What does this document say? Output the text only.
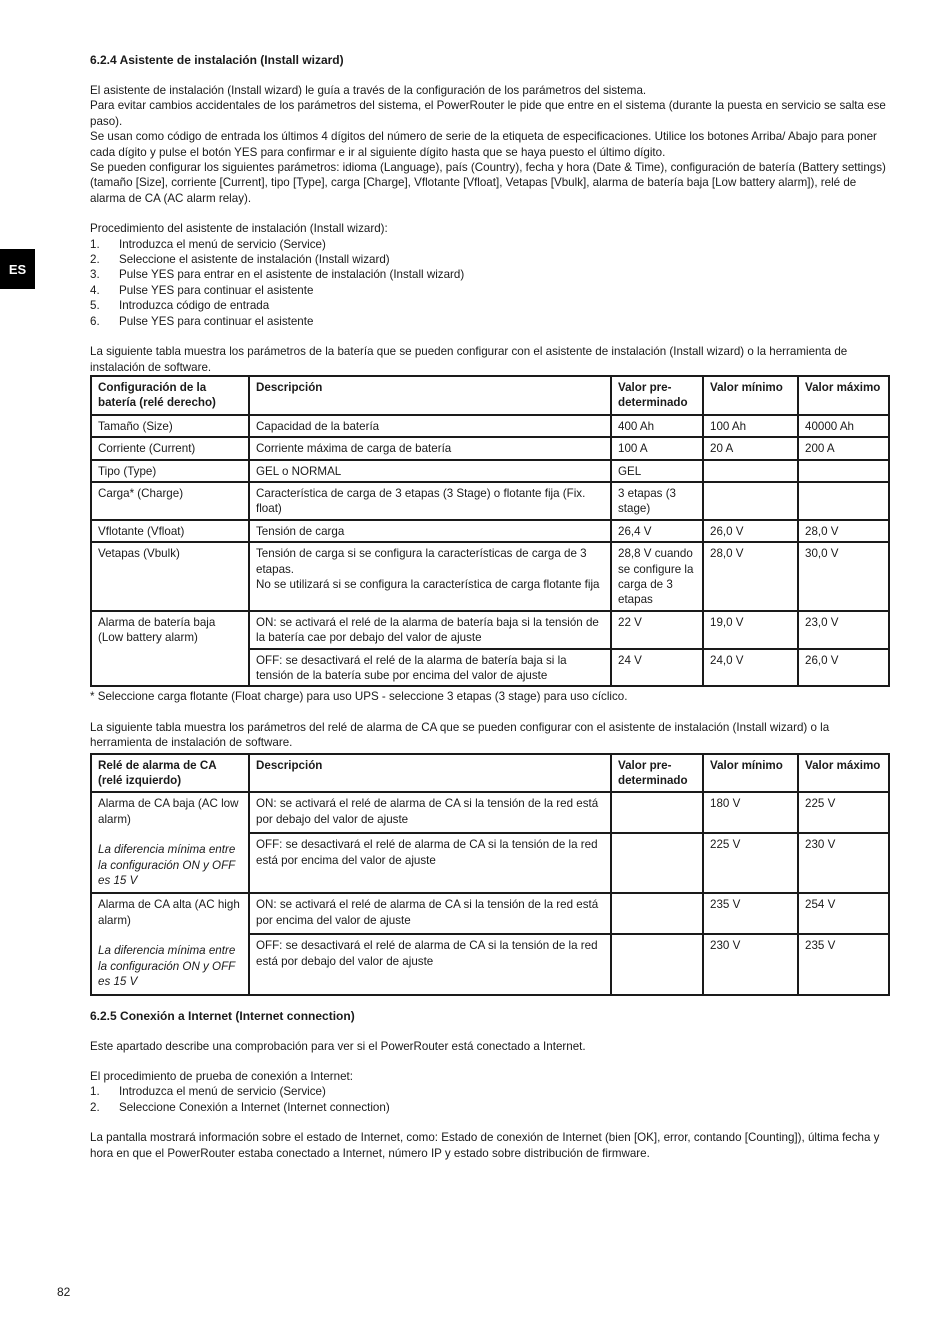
ES
6.2.4 Asistente de instalación (Install wizard)

El asistente de instalación (Install wizard) le guía a través de la configuración de los parámetros del sistema.

Para evitar cambios accidentales de los parámetros del sistema, el PowerRouter le pide que entre en el sistema (durante la puesta en servicio se salta ese paso).

Se usan como código de entrada los últimos 4 dígitos del número de serie de la etiqueta de especificaciones. Utilice los botones Arriba/ Abajo para poner cada dígito y pulse el botón YES para confirmar e ir al siguiente dígito hasta que se haya puesto el último dígito.

Se pueden configurar los siguientes parámetros: idioma (Language), país (Country), fecha y hora (Date & Time), configuración de batería (Battery settings) (tamaño [Size], corriente [Current], tipo [Type], carga [Charge], Vflotante [Vfloat], Vetapas [Vbulk], alarma de batería baja [Low battery alarm]), relé de alarma de CA (AC alarm relay).

Procedimiento del asistente de instalación (Install wizard):

1.	Introduzca el menú de servicio (Service)
2.	Seleccione el asistente de instalación (Install wizard)
3.	Pulse YES para entrar en el asistente de instalación (Install wizard)
4.	Pulse YES para continuar el asistente
5.	Introduzca código de entrada
6.	Pulse YES para continuar el asistente

La siguiente tabla muestra los parámetros de la batería que se pueden configurar con el asistente de instalación (Install wizard) o la herramienta de instalación de software.

Configuración de la batería (relé derecho)	Descripción	Valor pre-determinado	Valor mínimo	Valor máximo
Tamaño (Size)	Capacidad de la batería	400 Ah	100 Ah	40000 Ah
Corriente (Current)	Corriente máxima de carga de batería	100 A	20 A	200 A
Tipo (Type)	GEL o NORMAL	GEL		
Carga* (Charge)	Característica de carga de 3 etapas (3 Stage) o flotante fija (Fix. float)	3 etapas (3 stage)		
Vflotante (Vfloat)	Tensión de carga	26,4 V	26,0 V	28,0 V
Vetapas (Vbulk)	Tensión de carga si se configura la características de carga de 3 etapas.
No se utilizará si se configura la característica de carga flotante fija	28,8 V cuando se configure la carga de 3 etapas	28,0 V	30,0 V
Alarma de batería baja (Low battery alarm)	ON: se activará el relé de la alarma de batería baja si la tensión de la batería cae por debajo del valor de ajuste	22 V	19,0 V	23,0 V
	OFF: se desactivará el relé de la alarma de batería baja si la tensión de la batería sube por encima del valor de ajuste	24 V	24,0 V	26,0 V

* Seleccione carga flotante (Float charge) para uso UPS - seleccione 3 etapas (3 stage) para uso cíclico.

La siguiente tabla muestra los parámetros del relé de alarma de CA que se pueden configurar con el asistente de instalación (Install wizard) o la herramienta de instalación de software.

Relé de alarma de CA (relé izquierdo)	Descripción	Valor pre-determinado	Valor mínimo	Valor máximo

Alarma de CA baja (AC low alarm)
La diferencia mínima entre la configuración ON y OFF es 15 V	ON: se activará el relé de alarma de CA si la tensión de la red está por debajo del valor de ajuste		180 V	225 V
	OFF: se desactivará el relé de alarma de CA si la tensión de la red está por encima del valor de ajuste		225 V	230 V

Alarma de CA alta (AC high alarm)
La diferencia mínima entre la configuración ON y OFF es 15 V	ON: se activará el relé de alarma de CA si la tensión de la red está por encima del valor de ajuste		235 V	254 V
	OFF: se desactivará el relé de alarma de CA si la tensión de la red está por debajo del valor de ajuste		230 V	235 V
6.2.5 Conexión a Internet (Internet connection)

Este apartado describe una comprobación para ver si el PowerRouter está conectado a Internet.

El procedimiento de prueba de conexión a Internet:

1.	Introduzca el menú de servicio (Service)
2.	Seleccione Conexión a Internet (Internet connection)

La pantalla mostrará información sobre el estado de Internet, como: Estado de conexión de Internet (bien [OK], error, contando [Counting]), última fecha y hora en que el PowerRouter estaba conectado a Internet, número IP y estado sobre distribución de firmware.

82
